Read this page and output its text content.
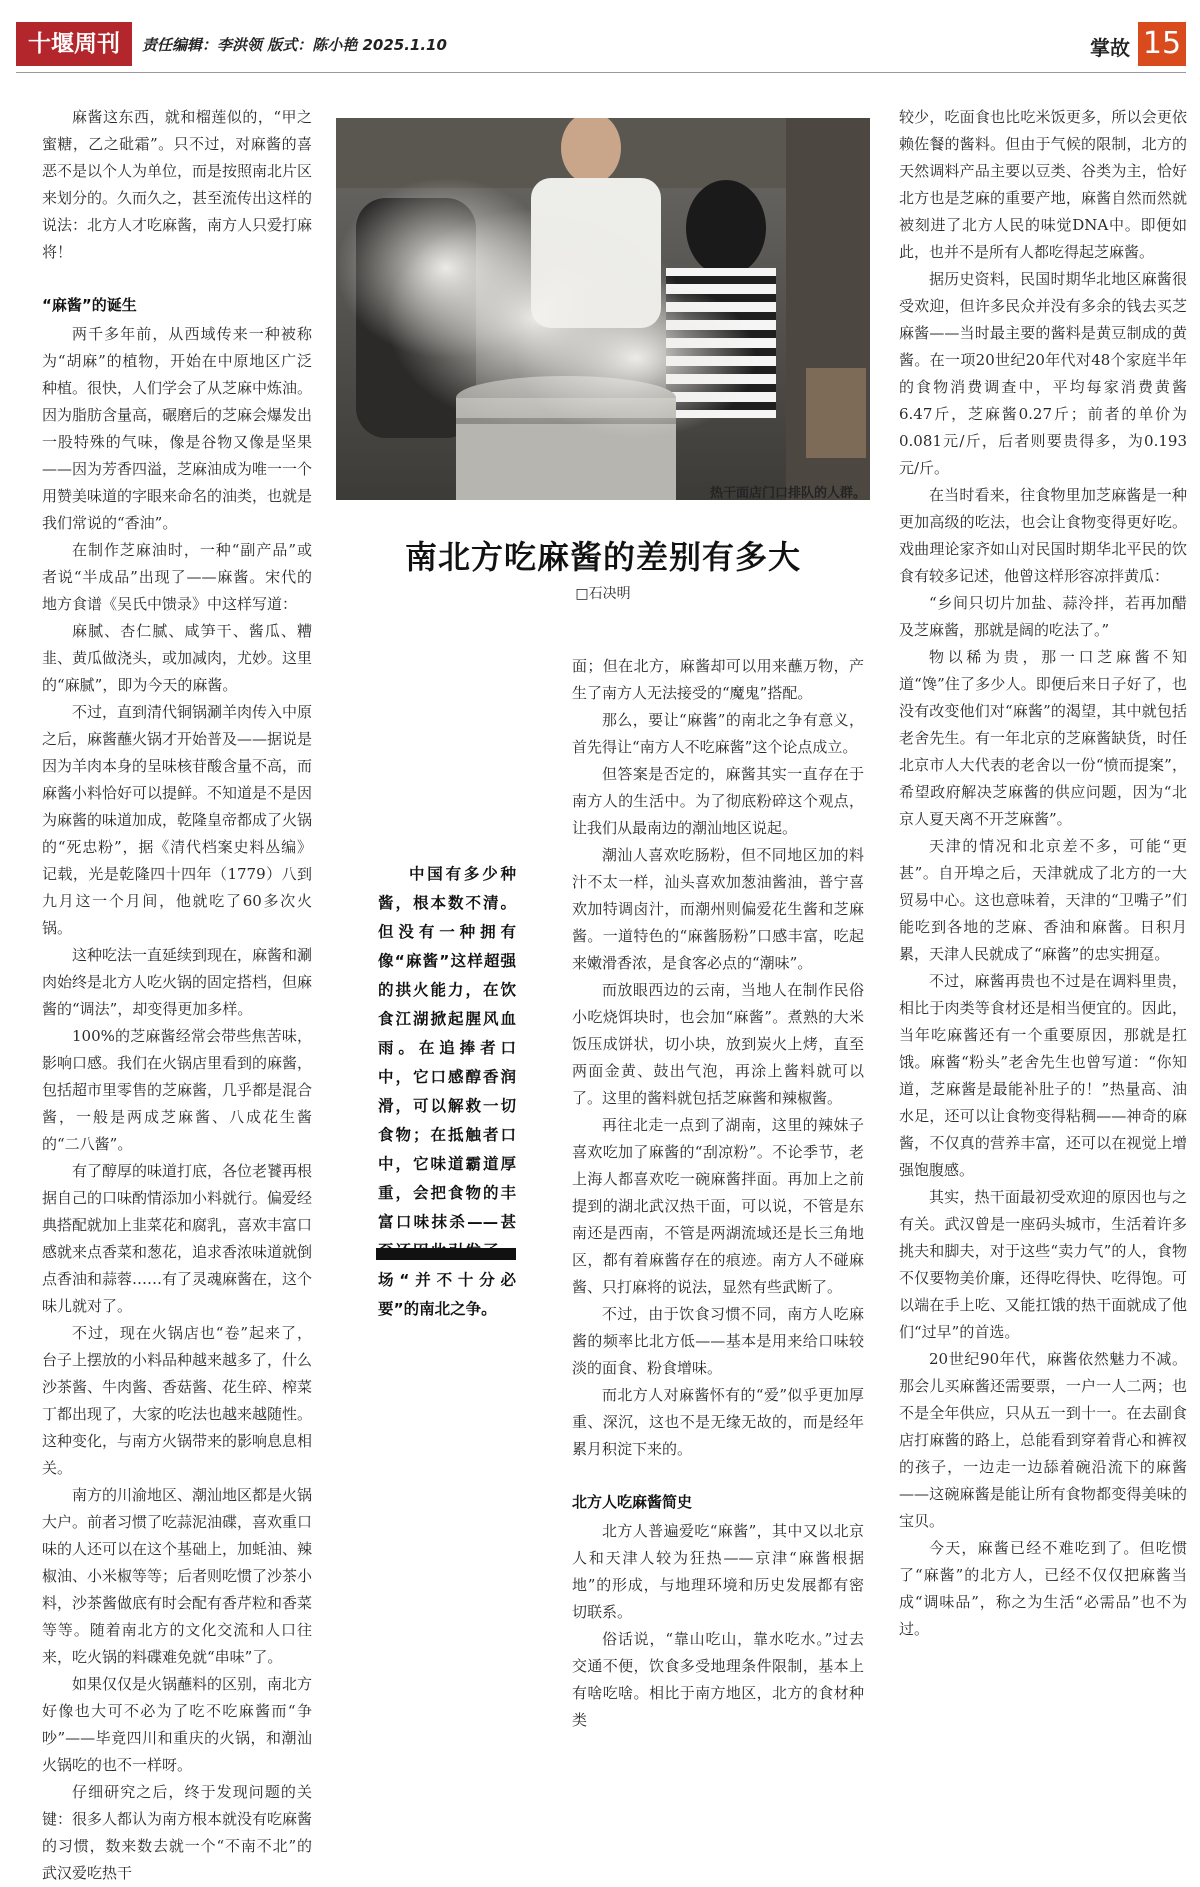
十堰周刊	责任编辑：李洪领 版式：陈小艳 2025.1.10	掌故 15

麻酱这东西，就和榴莲似的，“甲之蜜糖，乙之砒霜”。只不过，对麻酱的喜恶不是以个人为单位，而是按照南北片区来划分的。久而久之，甚至流传出这样的说法：北方人才吃麻酱，南方人只爱打麻将！

“麻酱”的诞生

两千多年前，从西域传来一种被称为“胡麻”的植物，开始在中原地区广泛种植。很快，人们学会了从芝麻中炼油。因为脂肪含量高，碾磨后的芝麻会爆发出一股特殊的气味，像是谷物又像是坚果——因为芳香四溢，芝麻油成为唯一一个用赞美味道的字眼来命名的油类，也就是我们常说的“香油”。

在制作芝麻油时，一种“副产品”或者说“半成品”出现了——麻酱。宋代的地方食谱《吴氏中馈录》中这样写道：

麻腻、杏仁腻、咸笋干、酱瓜、糟韭、黄瓜做浇头，或加减肉，尤妙。这里的“麻腻”，即为今天的麻酱。

不过，直到清代铜锅涮羊肉传入中原之后，麻酱蘸火锅才开始普及——据说是因为羊肉本身的呈味核苷酸含量不高，而麻酱小料恰好可以提鲜。不知道是不是因为麻酱的味道加成，乾隆皇帝都成了火锅的“死忠粉”，据《清代档案史料丛编》记载，光是乾隆四十四年（1779）八到九月这一个月间，他就吃了60多次火锅。

这种吃法一直延续到现在，麻酱和涮肉始终是北方人吃火锅的固定搭档，但麻酱的“调法”，却变得更加多样。

100%的芝麻酱经常会带些焦苦味，影响口感。我们在火锅店里看到的麻酱，包括超市里零售的芝麻酱，几乎都是混合酱，一般是两成芝麻酱、八成花生酱的“二八酱”。

有了醇厚的味道打底，各位老饕再根据自己的口味酌情添加小料就行。偏爱经典搭配就加上韭菜花和腐乳，喜欢丰富口感就来点香菜和葱花，追求香浓味道就倒点香油和蒜蓉……有了灵魂麻酱在，这个味儿就对了。

不过，现在火锅店也“卷”起来了，台子上摆放的小料品种越来越多了，什么沙茶酱、牛肉酱、香菇酱、花生碎、榨菜丁都出现了，大家的吃法也越来越随性。这种变化，与南方火锅带来的影响息息相关。

南方的川渝地区、潮汕地区都是火锅大户。前者习惯了吃蒜泥油碟，喜欢重口味的人还可以在这个基础上，加蚝油、辣椒油、小米椒等等；后者则吃惯了沙茶小料，沙茶酱做底有时会配有香芹粒和香菜等等。随着南北方的文化交流和人口往来，吃火锅的料碟难免就“串味”了。

如果仅仅是火锅蘸料的区别，南北方好像也大可不必为了吃不吃麻酱而“争吵”——毕竟四川和重庆的火锅，和潮汕火锅吃的也不一样呀。

仔细研究之后，终于发现问题的关键：很多人都认为南方根本就没有吃麻酱的习惯，数来数去就一个“不南不北”的武汉爱吃热干

热干面店门口排队的人群。
南北方吃麻酱的差别有多大
□石决明

中国有多少种酱，根本数不清。但没有一种拥有像“麻酱”这样超强的拱火能力，在饮食江湖掀起腥风血雨。在追捧者口中，它口感醇香润滑，可以解救一切食物；在抵触者口中，它味道霸道厚重，会把食物的丰富口味抹杀——甚 场“并不十分必要”的南北之争。

面；但在北方，麻酱却可以用来蘸万物，产生了南方人无法接受的“魔鬼”搭配。

那么，要让“麻酱”的南北之争有意义，首先得让“南方人不吃麻酱”这个论点成立。

但答案是否定的，麻酱其实一直存在于南方人的生活中。为了彻底粉碎这个观点，让我们从最南边的潮汕地区说起。

潮汕人喜欢吃肠粉，但不同地区加的料汁不太一样，汕头喜欢加葱油酱油，普宁喜欢加特调卤汁，而潮州则偏爱花生酱和芝麻酱。一道特色的“麻酱肠粉”口感丰富，吃起来嫩滑香浓，是食客必点的“潮味”。

而放眼西边的云南，当地人在制作民俗小吃烧饵块时，也会加“麻酱”。煮熟的大米饭压成饼状，切小块，放到炭火上烤，直至两面金黄、鼓出气泡，再涂上酱料就可以了。这里的酱料就包括芝麻酱和辣椒酱。

再往北走一点到了湖南，这里的辣妹子喜欢吃加了麻酱的“刮凉粉”。不论季节，老上海人都喜欢吃一碗麻酱拌面。再加上之前提到的湖北武汉热干面，可以说，不管是东南还是西南，不管是两湖流域还是长三角地区，都有着麻酱存在的痕迹。南方人不碰麻酱、只打麻将的说法，显然有些武断了。

不过，由于饮食习惯不同，南方人吃麻酱的频率比北方低——基本是用来给口味较淡的面食、粉食增味。

而北方人对麻酱怀有的“爱”似乎更加厚重、深沉，这也不是无缘无故的，而是经年累月积淀下来的。

北方人吃麻酱简史

北方人普遍爱吃“麻酱”，其中又以北京人和天津人较为狂热——京津“麻酱根据地”的形成，与地理环境和历史发展都有密切联系。

俗话说，“靠山吃山，靠水吃水。”过去交通不便，饮食多受地理条件限制，基本上有啥吃啥。相比于南方地区，北方的食材种类

较少，吃面食也比吃米饭更多，所以会更依赖佐餐的酱料。但由于气候的限制，北方的天然调料产品主要以豆类、谷类为主，恰好北方也是芝麻的重要产地，麻酱自然而然就被刻进了北方人民的味觉DNA中。即便如此，也并不是所有人都吃得起芝麻酱。

据历史资料，民国时期华北地区麻酱很受欢迎，但许多民众并没有多余的钱去买芝麻酱——当时最主要的酱料是黄豆制成的黄酱。在一项20世纪20年代对48个家庭半年的食物消费调查中，平均每家消费黄酱6.47斤，芝麻酱0.27斤；前者的单价为0.081元/斤，后者则要贵得多，为0.193元/斤。

在当时看来，往食物里加芝麻酱是一种更加高级的吃法，也会让食物变得更好吃。戏曲理论家齐如山对民国时期华北平民的饮食有较多记述，他曾这样形容凉拌黄瓜：

“乡间只切片加盐、蒜泠拌，若再加醋及芝麻酱，那就是阔的吃法了。”

物以稀为贵，那一口芝麻酱不知道“馋”住了多少人。即便后来日子好了，也没有改变他们对“麻酱”的渴望，其中就包括老舍先生。有一年北京的芝麻酱缺货，时任北京市人大代表的老舍以一份“愤而提案”，希望政府解决芝麻酱的供应问题，因为“北京人夏天离不开芝麻酱”。

天津的情况和北京差不多，可能“更甚”。自开埠之后，天津就成了北方的一大贸易中心。这也意味着，天津的“卫嘴子”们能吃到各地的芝麻、香油和麻酱。日积月累，天津人民就成了“麻酱”的忠实拥趸。

不过，麻酱再贵也不过是在调料里贵，相比于肉类等食材还是相当便宜的。因此，当年吃麻酱还有一个重要原因，那就是扛饿。麻酱“粉头”老舍先生也曾写道：“你知道，芝麻酱是最能补肚子的！”热量高、油水足，还可以让食物变得粘稠——神奇的麻酱，不仅真的营养丰富，还可以在视觉上增强饱腹感。

其实，热干面最初受欢迎的原因也与之有关。武汉曾是一座码头城市，生活着许多挑夫和脚夫，对于这些“卖力气”的人，食物不仅要物美价廉，还得吃得快、吃得饱。可以端在手上吃、又能扛饿的热干面就成了他们“过早”的首选。

20世纪90年代，麻酱依然魅力不减。那会儿买麻酱还需要票，一户一人二两；也不是全年供应，只从五一到十一。在去副食店打麻酱的路上，总能看到穿着背心和裤衩的孩子，一边走一边舔着碗沿流下的麻酱——这碗麻酱是能让所有食物都变得美味的宝贝。

今天，麻酱已经不难吃到了。但吃惯了“麻酱”的北方人，已经不仅仅把麻酱当成“调味品”，称之为生活“必需品”也不为过。
